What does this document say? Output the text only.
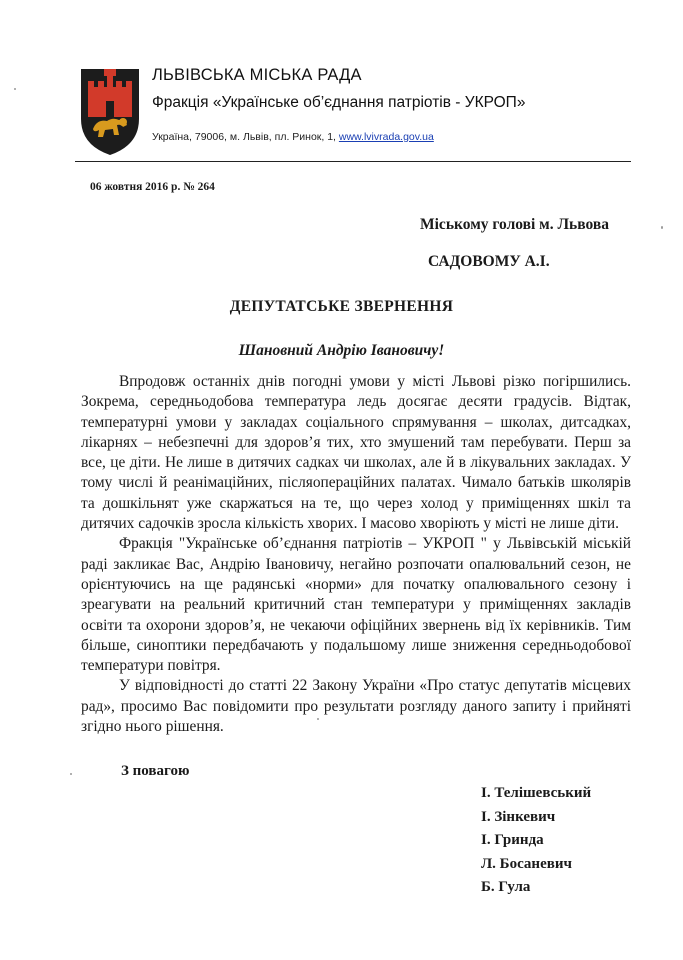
ЛЬВІВСЬКА МІСЬКА РАДА
Фракція «Українське об’єднання патріотів - УКРОП»
Україна, 79006, м. Львів, пл. Ринок, 1, www.lvivrada.gov.ua
06 жовтня 2016 р. № 264
Міському голові м. Львова
САДОВОМУ А.І.
ДЕПУТАТСЬКЕ ЗВЕРНЕННЯ
Шановний Андрію Івановичу!

Впродовж останніх днів погодні умови у місті Львові різко погіршились. Зокрема, середньодобова температура ледь досягає десяти градусів. Відтак, температурні умови у закладах соціального спрямування – школах, дитсадках, лікарнях – небезпечні для здоров’я тих, хто змушений там перебувати. Перш за все, це діти. Не лише в дитячих садках чи школах, але й в лікувальних закладах. У тому числі й реанімаційних, післяопераційних палатах. Чимало батьків школярів та дошкільнят уже скаржаться на те, що через холод у приміщеннях шкіл та дитячих садочків зросла кількість хворих. І масово хворіють у місті не лише діти.

Фракція "Українське об’єднання патріотів – УКРОП " у Львівській міській раді закликає Вас, Андрію Івановичу, негайно розпочати опалювальний сезон, не орієнтуючись на ще радянські «норми» для початку опалювального сезону і зреагувати на реальний критичний стан температури у приміщеннях закладів освіти та охорони здоров’я, не чекаючи офіційних звернень від їх керівників. Тим більше, синоптики передбачають у подальшому лише зниження середньодобової температури повітря.

У відповідності до статті 22 Закону України «Про статус депутатів місцевих рад», просимо Вас повідомити про результати розгляду даного запиту і прийняті згідно нього рішення.

З повагою
І. Телішевський
І. Зінкевич
І. Гринда
Л. Босаневич
Б. Гула
